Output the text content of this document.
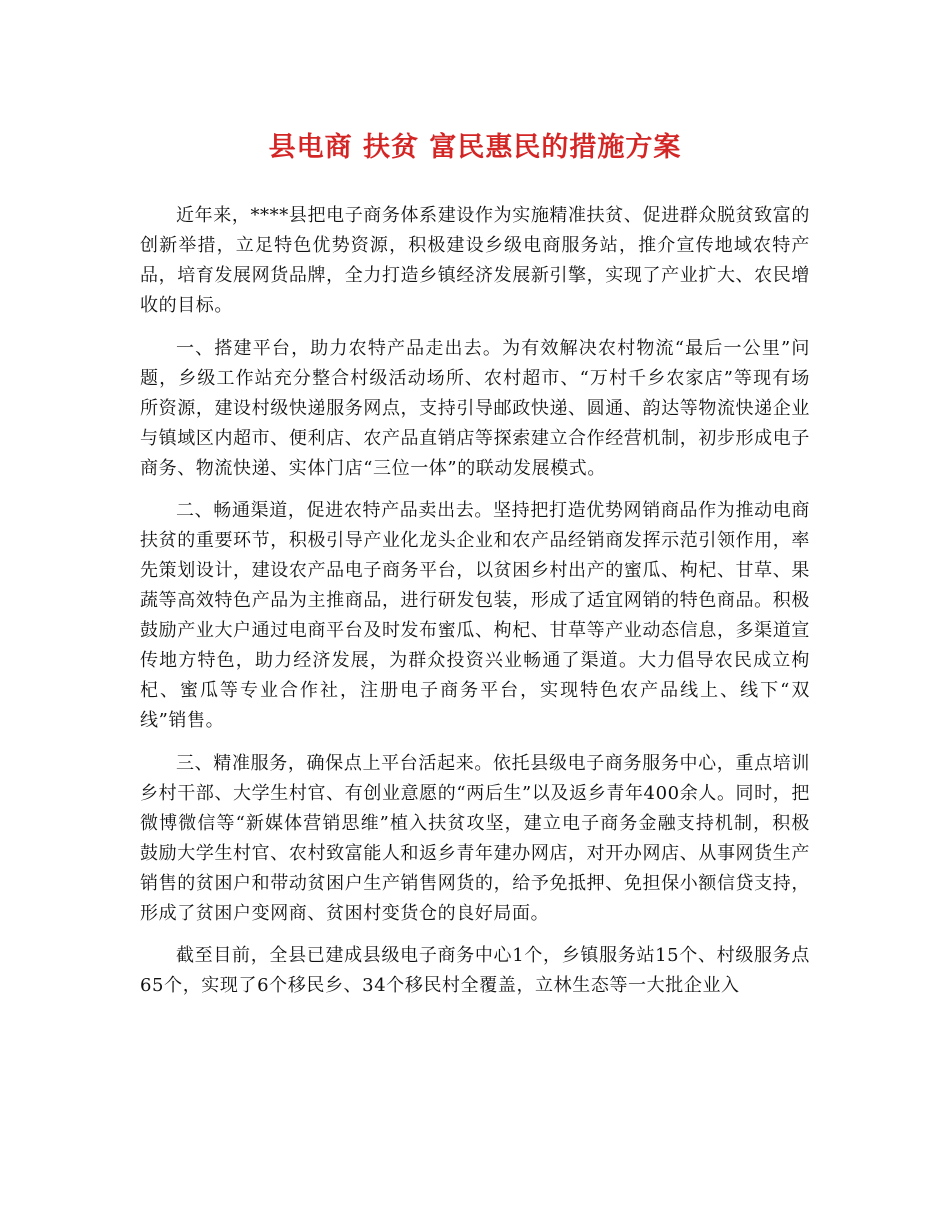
县电商 扶贫 富民惠民的措施方案

近年来，****县把电子商务体系建设作为实施精准扶贫、促进群众脱贫致富的创新举措，立足特色优势资源，积极建设乡级电商服务站，推介宣传地域农特产品，培育发展网货品牌，全力打造乡镇经济发展新引擎，实现了产业扩大、农民增收的目标。

一、搭建平台，助力农特产品走出去。为有效解决农村物流“最后一公里”问题，乡级工作站充分整合村级活动场所、农村超市、“万村千乡农家店”等现有场所资源，建设村级快递服务网点，支持引导邮政快递、圆通、韵达等物流快递企业与镇域区内超市、便利店、农产品直销店等探索建立合作经营机制，初步形成电子商务、物流快递、实体门店“三位一体”的联动发展模式。

二、畅通渠道，促进农特产品卖出去。坚持把打造优势网销商品作为推动电商扶贫的重要环节，积极引导产业化龙头企业和农产品经销商发挥示范引领作用，率先策划设计，建设农产品电子商务平台，以贫困乡村出产的蜜瓜、枸杞、甘草、果蔬等高效特色产品为主推商品，进行研发包装，形成了适宜网销的特色商品。积极鼓励产业大户通过电商平台及时发布蜜瓜、枸杞、甘草等产业动态信息，多渠道宣传地方特色，助力经济发展，为群众投资兴业畅通了渠道。大力倡导农民成立枸杞、蜜瓜等专业合作社，注册电子商务平台，实现特色农产品线上、线下“双线”销售。

三、精准服务，确保点上平台活起来。依托县级电子商务服务中心，重点培训乡村干部、大学生村官、有创业意愿的“两后生”以及返乡青年400余人。同时，把微博微信等“新媒体营销思维”植入扶贫攻坚，建立电子商务金融支持机制，积极鼓励大学生村官、农村致富能人和返乡青年建办网店，对开办网店、从事网货生产销售的贫困户和带动贫困户生产销售网货的，给予免抵押、免担保小额信贷支持，形成了贫困户变网商、贫困村变货仓的良好局面。

截至目前，全县已建成县级电子商务中心1个，乡镇服务站15个、村级服务点65个，实现了6个移民乡、34个移民村全覆盖，立林生态等一大批企业入
